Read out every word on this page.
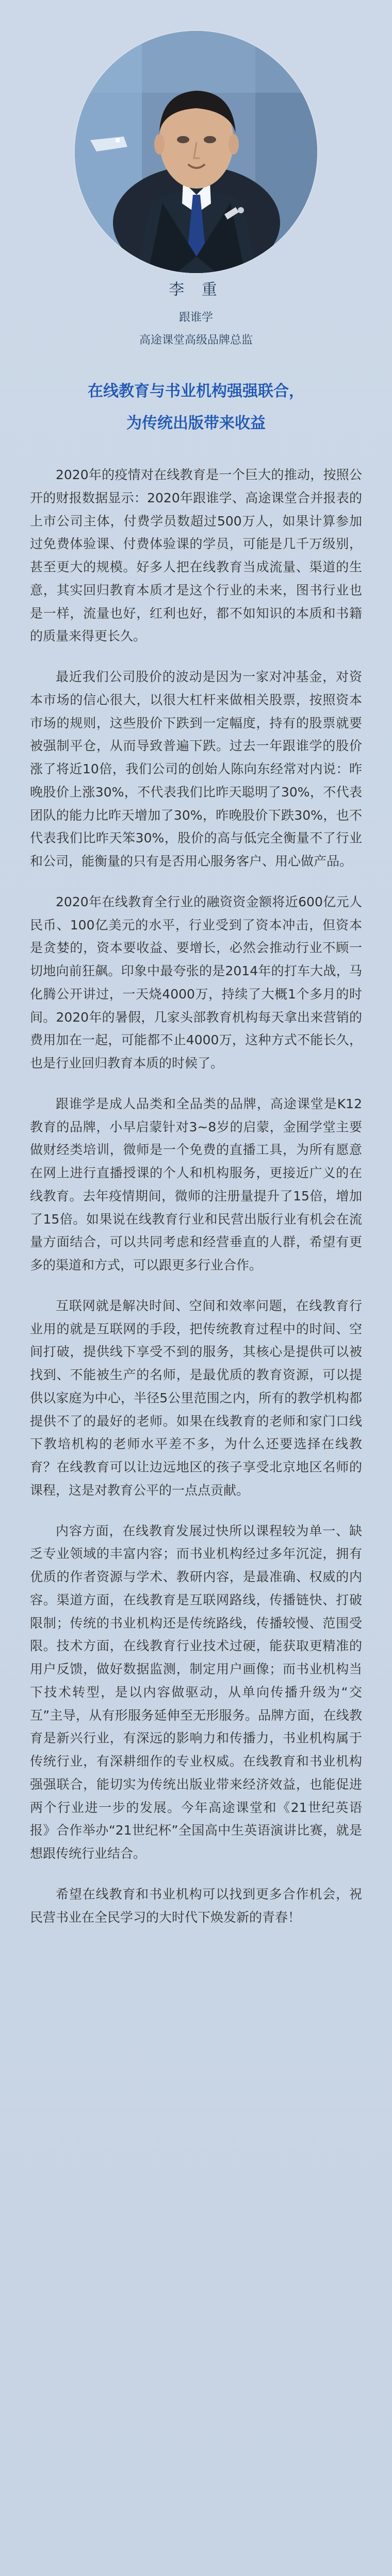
李 重
跟谁学
高途课堂高级品牌总监
在线教育与书业机构强强联合，
为传统出版带来收益

2020年的疫情对在线教育是一个巨大的推动，按照公开的财报数据显示：2020年跟谁学、高途课堂合并报表的上市公司主体，付费学员数超过500万人，如果计算参加过免费体验课、付费体验课的学员，可能是几千万级别，甚至更大的规模。好多人把在线教育当成流量、渠道的生意，其实回归教育本质才是这个行业的未来，图书行业也是一样，流量也好，红利也好，都不如知识的本质和书籍的质量来得更长久。

最近我们公司股价的波动是因为一家对冲基金，对资本市场的信心很大，以很大杠杆来做相关股票，按照资本市场的规则，这些股价下跌到一定幅度，持有的股票就要被强制平仓，从而导致普遍下跌。过去一年跟谁学的股价涨了将近10倍，我们公司的创始人陈向东经常对内说：昨晚股价上涨30%，不代表我们比昨天聪明了30%，不代表团队的能力比昨天增加了30%，昨晚股价下跌30%，也不代表我们比昨天笨30%，股价的高与低完全衡量不了行业和公司，能衡量的只有是否用心服务客户、用心做产品。

2020年在线教育全行业的融资资金额将近600亿元人民币、100亿美元的水平，行业受到了资本冲击，但资本是贪婪的，资本要收益、要增长，必然会推动行业不顾一切地向前狂飙。印象中最夸张的是2014年的打车大战，马化腾公开讲过，一天烧4000万，持续了大概1个多月的时间。2020年的暑假，几家头部教育机构每天拿出来营销的费用加在一起，可能都不止4000万，这种方式不能长久，也是行业回归教育本质的时候了。

跟谁学是成人品类和全品类的品牌，高途课堂是K12教育的品牌，小早启蒙针对3~8岁的启蒙，金囿学堂主要做财经类培训，微师是一个免费的直播工具，为所有愿意在网上进行直播授课的个人和机构服务，更接近广义的在线教育。去年疫情期间，微师的注册量提升了15倍，增加了15倍。如果说在线教育行业和民营出版行业有机会在流量方面结合，可以共同考虑和经营垂直的人群，希望有更多的渠道和方式，可以跟更多行业合作。

互联网就是解决时间、空间和效率问题，在线教育行业用的就是互联网的手段，把传统教育过程中的时间、空间打破，提供线下享受不到的服务，其核心是提供可以被找到、不能被生产的名师，是最优质的教育资源，可以提供以家庭为中心，半径5公里范围之内，所有的教学机构都提供不了的最好的老师。如果在线教育的老师和家门口线下教培机构的老师水平差不多，为什么还要选择在线教育？在线教育可以让边远地区的孩子享受北京地区名师的课程，这是对教育公平的一点点贡献。

内容方面，在线教育发展过快所以课程较为单一、缺乏专业领域的丰富内容；而书业机构经过多年沉淀，拥有优质的作者资源与学术、教研内容，是最准确、权威的内容。渠道方面，在线教育是互联网路线，传播链快、打破限制；传统的书业机构还是传统路线，传播较慢、范围受限。技术方面，在线教育行业技术过硬，能获取更精准的用户反馈，做好数据监测，制定用户画像；而书业机构当下技术转型，是以内容做驱动，从单向传播升级为“交互”主导，从有形服务延伸至无形服务。品牌方面，在线教育是新兴行业，有深远的影响力和传播力，书业机构属于传统行业，有深耕细作的专业权威。在线教育和书业机构强强联合，能切实为传统出版业带来经济效益，也能促进两个行业进一步的发展。今年高途课堂和《21世纪英语报》合作举办“21世纪杯”全国高中生英语演讲比赛，就是想跟传统行业结合。

希望在线教育和书业机构可以找到更多合作机会，祝民营书业在全民学习的大时代下焕发新的青春！
